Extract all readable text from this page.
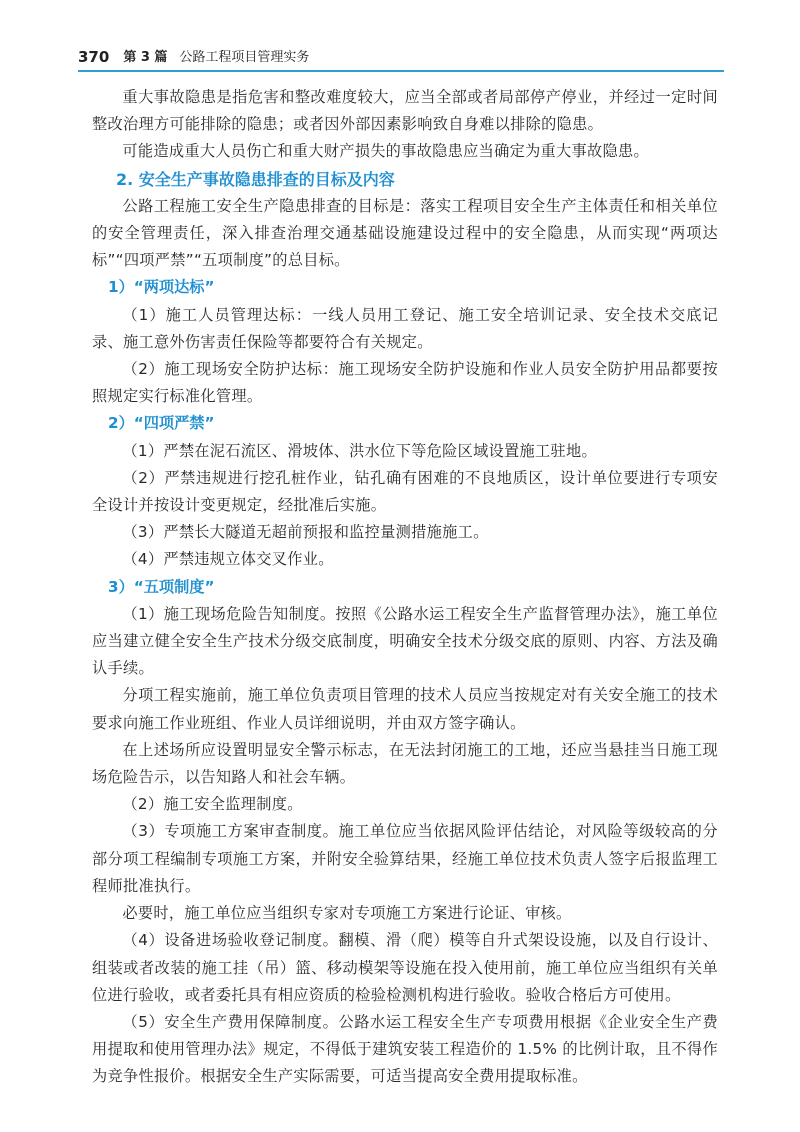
370 第 3 篇 公路工程项目管理实务

重大事故隐患是指危害和整改难度较大，应当全部或者局部停产停业，并经过一定时间整改治理方可能排除的隐患；或者因外部因素影响致自身难以排除的隐患。

可能造成重大人员伤亡和重大财产损失的事故隐患应当确定为重大事故隐患。

2. 安全生产事故隐患排查的目标及内容

公路工程施工安全生产隐患排查的目标是：落实工程项目安全生产主体责任和相关单位的安全管理责任，深入排查治理交通基础设施建设过程中的安全隐患，从而实现“两项达标”“四项严禁”“五项制度”的总目标。

1）“两项达标”

（1）施工人员管理达标：一线人员用工登记、施工安全培训记录、安全技术交底记录、施工意外伤害责任保险等都要符合有关规定。

（2）施工现场安全防护达标：施工现场安全防护设施和作业人员安全防护用品都要按照规定实行标准化管理。

2）“四项严禁”

（1）严禁在泥石流区、滑坡体、洪水位下等危险区域设置施工驻地。

（2）严禁违规进行挖孔桩作业，钻孔确有困难的不良地质区，设计单位要进行专项安全设计并按设计变更规定，经批准后实施。

（3）严禁长大隧道无超前预报和监控量测措施施工。

（4）严禁违规立体交叉作业。

3）“五项制度”

（1）施工现场危险告知制度。按照《公路水运工程安全生产监督管理办法》，施工单位应当建立健全安全生产技术分级交底制度，明确安全技术分级交底的原则、内容、方法及确认手续。

分项工程实施前，施工单位负责项目管理的技术人员应当按规定对有关安全施工的技术要求向施工作业班组、作业人员详细说明，并由双方签字确认。

在上述场所应设置明显安全警示标志，在无法封闭施工的工地，还应当悬挂当日施工现场危险告示，以告知路人和社会车辆。

（2）施工安全监理制度。

（3）专项施工方案审查制度。施工单位应当依据风险评估结论，对风险等级较高的分部分项工程编制专项施工方案，并附安全验算结果，经施工单位技术负责人签字后报监理工程师批准执行。

必要时，施工单位应当组织专家对专项施工方案进行论证、审核。

（4）设备进场验收登记制度。翻模、滑（爬）模等自升式架设设施，以及自行设计、组装或者改装的施工挂（吊）篮、移动模架等设施在投入使用前，施工单位应当组织有关单位进行验收，或者委托具有相应资质的检验检测机构进行验收。验收合格后方可使用。

（5）安全生产费用保障制度。公路水运工程安全生产专项费用根据《企业安全生产费用提取和使用管理办法》规定，不得低于建筑安装工程造价的 1.5% 的比例计取，且不得作为竞争性报价。根据安全生产实际需要，可适当提高安全费用提取标准。
